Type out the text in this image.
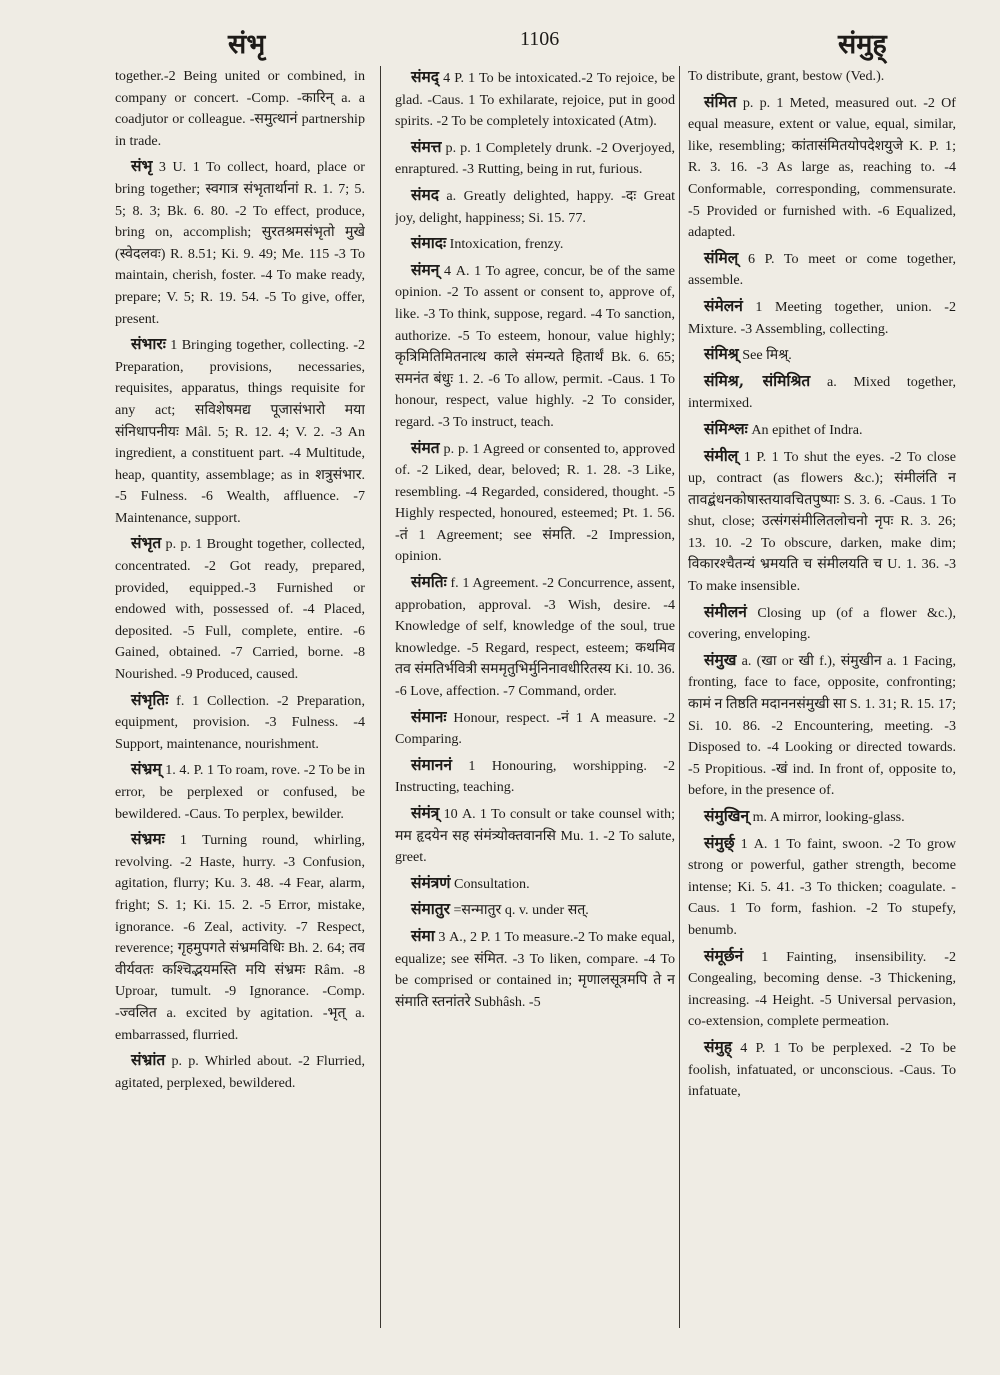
संभृ	1106	संमुह्

together.-2 Being united or combined, in company or concert. -Comp. -कारिन् a. a coadjutor or colleague. -समुत्थानं partnership in trade.

संभृ 3 U. 1 To collect, hoard, place or bring together; स्वगात्र संभृतार्थानां R. 1. 7; 5. 5; 8. 3; Bk. 6. 80. -2 To effect, produce, bring on, accomplish; सुरतश्रमसंभृतो मुखे (स्वेदलवः) R. 8.51; Ki. 9. 49; Me. 115 -3 To maintain, cherish, foster. -4 To make ready, prepare; V. 5; R. 19. 54. -5 To give, offer, present.

संभारः 1 Bringing together, collecting. -2 Preparation, provisions, necessaries, requisites, apparatus, things requisite for any act; सविशेषमद्य पूजासंभारो मया संनिधापनीयः Mâl. 5; R. 12. 4; V. 2. -3 An ingredient, a constituent part. -4 Multitude, heap, quantity, assemblage; as in शत्रुसंभार. -5 Fulness. -6 Wealth, affluence. -7 Maintenance, support.

संभृत p. p. 1 Brought together, collected, concentrated. -2 Got ready, prepared, provided, equipped.-3 Furnished or endowed with, possessed of. -4 Placed, deposited. -5 Full, complete, entire. -6 Gained, obtained. -7 Carried, borne. -8 Nourished. -9 Produced, caused.

संभृतिः f. 1 Collection. -2 Preparation, equipment, provision. -3 Fulness. -4 Support, maintenance, nourishment.

संभ्रम् 1. 4. P. 1 To roam, rove. -2 To be in error, be perplexed or confused, be bewildered. -Caus. To perplex, bewilder.

संभ्रमः 1 Turning round, whirling, revolving. -2 Haste, hurry. -3 Confusion, agitation, flurry; Ku. 3. 48. -4 Fear, alarm, fright; S. 1; Ki. 15. 2. -5 Error, mistake, ignorance. -6 Zeal, activity. -7 Respect, reverence; गृहमुपगते संभ्रमविधिः Bh. 2. 64; तव वीर्यवतः कश्चिद्भयमस्ति मयि संभ्रमः Râm. -8 Uproar, tumult. -9 Ignorance. -Comp. -ज्वलित a. excited by agitation. -भृत् a. embarrassed, flurried.

संभ्रांत p. p. Whirled about. -2 Flurried, agitated, perplexed, bewildered.

संमद् 4 P. 1 To be intoxicated.-2 To rejoice, be glad. -Caus. 1 To exhilarate, rejoice, put in good spirits. -2 To be completely intoxicated (Atm).

संमत्त p. p. 1 Completely drunk. -2 Overjoyed, enraptured. -3 Rutting, being in rut, furious.

संमद a. Greatly delighted, happy. -दः Great joy, delight, happiness; Si. 15. 77.

संमादः Intoxication, frenzy.

संमन् 4 A. 1 To agree, concur, be of the same opinion. -2 To assent or consent to, approve of, like. -3 To think, suppose, regard. -4 To sanction, authorize. -5 To esteem, honour, value highly; कृत्रिमितिमितनात्थ काले संमन्यते हितार्थं Bk. 6. 65; समनंत बंधुः 1. 2. -6 To allow, permit. -Caus. 1 To honour, respect, value highly. -2 To consider, regard. -3 To instruct, teach.

संमत p. p. 1 Agreed or consented to, approved of. -2 Liked, dear, beloved; R. 1. 28. -3 Like, resembling. -4 Regarded, considered, thought. -5 Highly respected, honoured, esteemed; Pt. 1. 56. -तं 1 Agreement; see संमति. -2 Impression, opinion.

संमतिः f. 1 Agreement. -2 Concurrence, assent, approbation, approval. -3 Wish, desire. -4 Knowledge of self, knowledge of the soul, true knowledge. -5 Regard, respect, esteem; कथमिव तव संमतिर्भवित्री सममृतुभिर्मुनिनावधीरितस्य Ki. 10. 36. -6 Love, affection. -7 Command, order.

संमानः Honour, respect. -नं 1 A measure. -2 Comparing.

संमाननं 1 Honouring, worshipping. -2 Instructing, teaching.

संमंत्र् 10 A. 1 To consult or take counsel with; मम हृदयेन सह संमंत्र्योक्तवानसि Mu. 1. -2 To salute, greet.

संमंत्रणं Consultation.

संमातुर =सन्मातुर q. v. under सत्.

संमा 3 A., 2 P. 1 To measure.-2 To make equal, equalize; see संमित. -3 To liken, compare. -4 To be comprised or contained in; मृणालसूत्रमपि ते न संमाति स्तनांतरे Subhâsh. -5

To distribute, grant, bestow (Ved.).

संमित p. p. 1 Meted, measured out. -2 Of equal measure, extent or value, equal, similar, like, resembling; कांतासंमितयोपदेशयुजे K. P. 1; R. 3. 16. -3 As large as, reaching to. -4 Conformable, corresponding, commensurate. -5 Provided or furnished with. -6 Equalized, adapted.

संमिल् 6 P. To meet or come together, assemble.

संमेलनं 1 Meeting together, union. -2 Mixture. -3 Assembling, collecting.

संमिश्र् See मिश्र्.

संमिश्र, संमिश्रित a. Mixed together, intermixed.

संमिश्लः An epithet of Indra.

संमील् 1 P. 1 To shut the eyes. -2 To close up, contract (as flowers &c.); संमीलंति न तावद्बंधनकोषास्तयावचितपुष्पाः S. 3. 6. -Caus. 1 To shut, close; उत्संगसंमीलितलोचनो नृपः R. 3. 26; 13. 10. -2 To obscure, darken, make dim; विकारश्चैतन्यं भ्रमयति च संमीलयति च U. 1. 36. -3 To make insensible.

संमीलनं Closing up (of a flower &c.), covering, enveloping.

संमुख a. (खा or खी f.), संमुखीन a. 1 Facing, fronting, face to face, opposite, confronting; कामं न तिष्ठति मदाननसंमुखी सा S. 1. 31; R. 15. 17; Si. 10. 86. -2 Encountering, meeting. -3 Disposed to. -4 Looking or directed towards. -5 Propitious. -खं ind. In front of, opposite to, before, in the presence of.

संमुखिन् m. A mirror, looking-glass.

संमुर्छ् 1 A. 1 To faint, swoon. -2 To grow strong or powerful, gather strength, become intense; Ki. 5. 41. -3 To thicken; coagulate. -Caus. 1 To form, fashion. -2 To stupefy, benumb.

संमूर्छनं 1 Fainting, insensibility. -2 Congealing, becoming dense. -3 Thickening, increasing. -4 Height. -5 Universal pervasion, co-extension, complete permeation.

संमुह् 4 P. 1 To be perplexed. -2 To be foolish, infatuated, or unconscious. -Caus. To infatuate,
